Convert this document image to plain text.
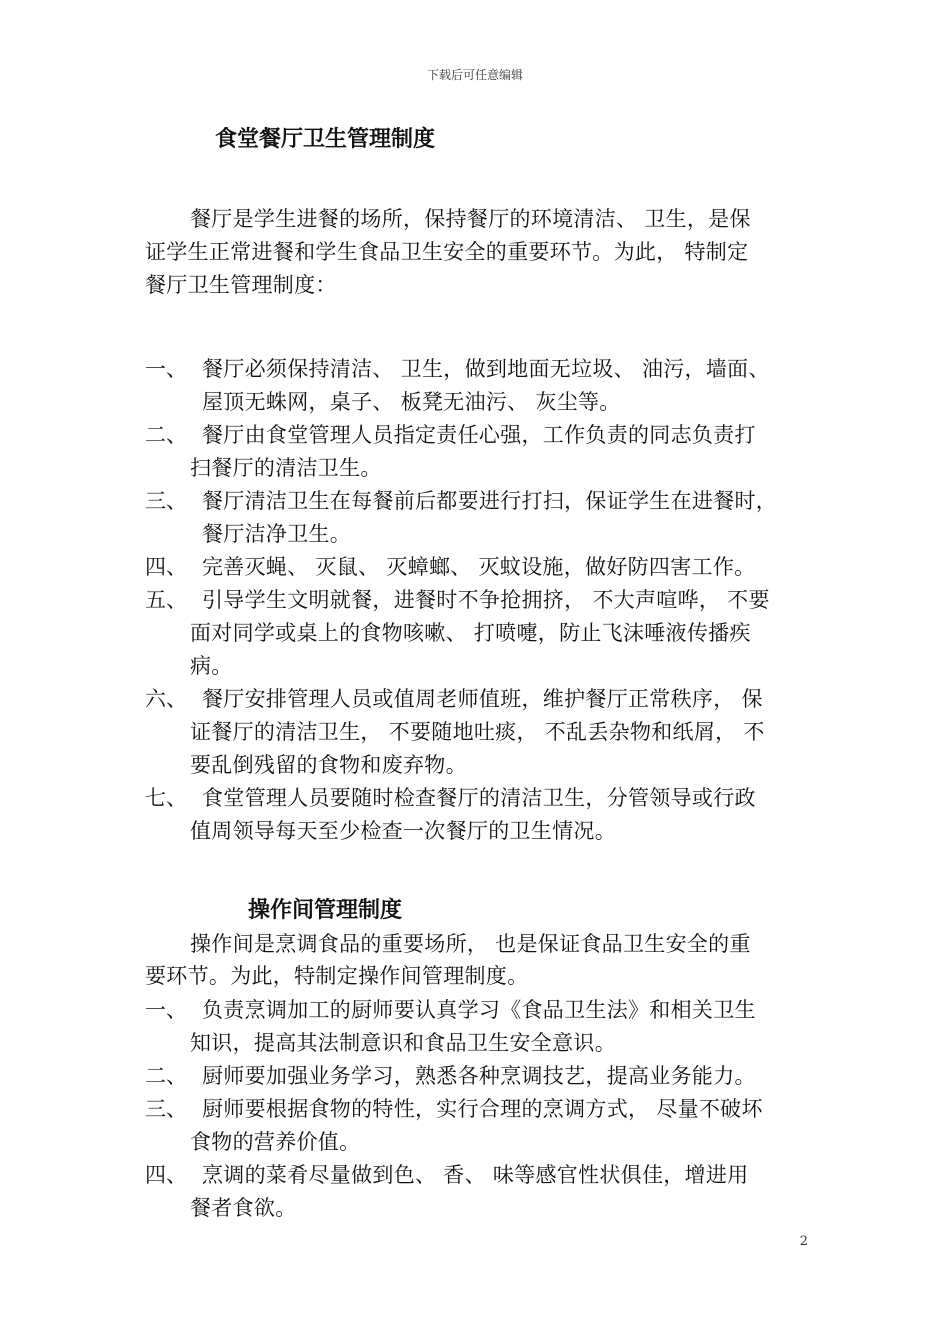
下载后可任意编辑
食堂餐厅卫生管理制度
餐厅是学生进餐的场所，保持餐厅的环境清洁、 卫生，是保
证学生正常进餐和学生食品卫生安全的重要环节。为此， 特制定
餐厅卫生管理制度：
一、 餐厅必须保持清洁、 卫生，做到地面无垃圾、 油污，墙面、
屋顶无蛛网，桌子、 板凳无油污、 灰尘等。
二、 餐厅由食堂管理人员指定责任心强，工作负责的同志负责打
扫餐厅的清洁卫生。
三、 餐厅清洁卫生在每餐前后都要进行打扫，保证学生在进餐时，
餐厅洁净卫生。
四、 完善灭蝇、 灭鼠、 灭蟑螂、 灭蚊设施，做好防四害工作。
五、 引导学生文明就餐，进餐时不争抢拥挤， 不大声喧哗， 不要
面对同学或桌上的食物咳嗽、 打喷嚏，防止飞沫唾液传播疾
病。
六、 餐厅安排管理人员或值周老师值班，维护餐厅正常秩序， 保
证餐厅的清洁卫生， 不要随地吐痰， 不乱丢杂物和纸屑， 不
要乱倒残留的食物和废弃物。
七、 食堂管理人员要随时检查餐厅的清洁卫生，分管领导或行政
值周领导每天至少检查一次餐厅的卫生情况。
操作间管理制度
操作间是烹调食品的重要场所， 也是保证食品卫生安全的重
要环节。为此，特制定操作间管理制度。
一、 负责烹调加工的厨师要认真学习《食品卫生法》和相关卫生
知识，提高其法制意识和食品卫生安全意识。
二、 厨师要加强业务学习，熟悉各种烹调技艺，提高业务能力。
三、 厨师要根据食物的特性，实行合理的烹调方式， 尽量不破坏
食物的营养价值。
四、 烹调的菜肴尽量做到色、 香、 味等感官性状俱佳，增进用
餐者食欲。
2
